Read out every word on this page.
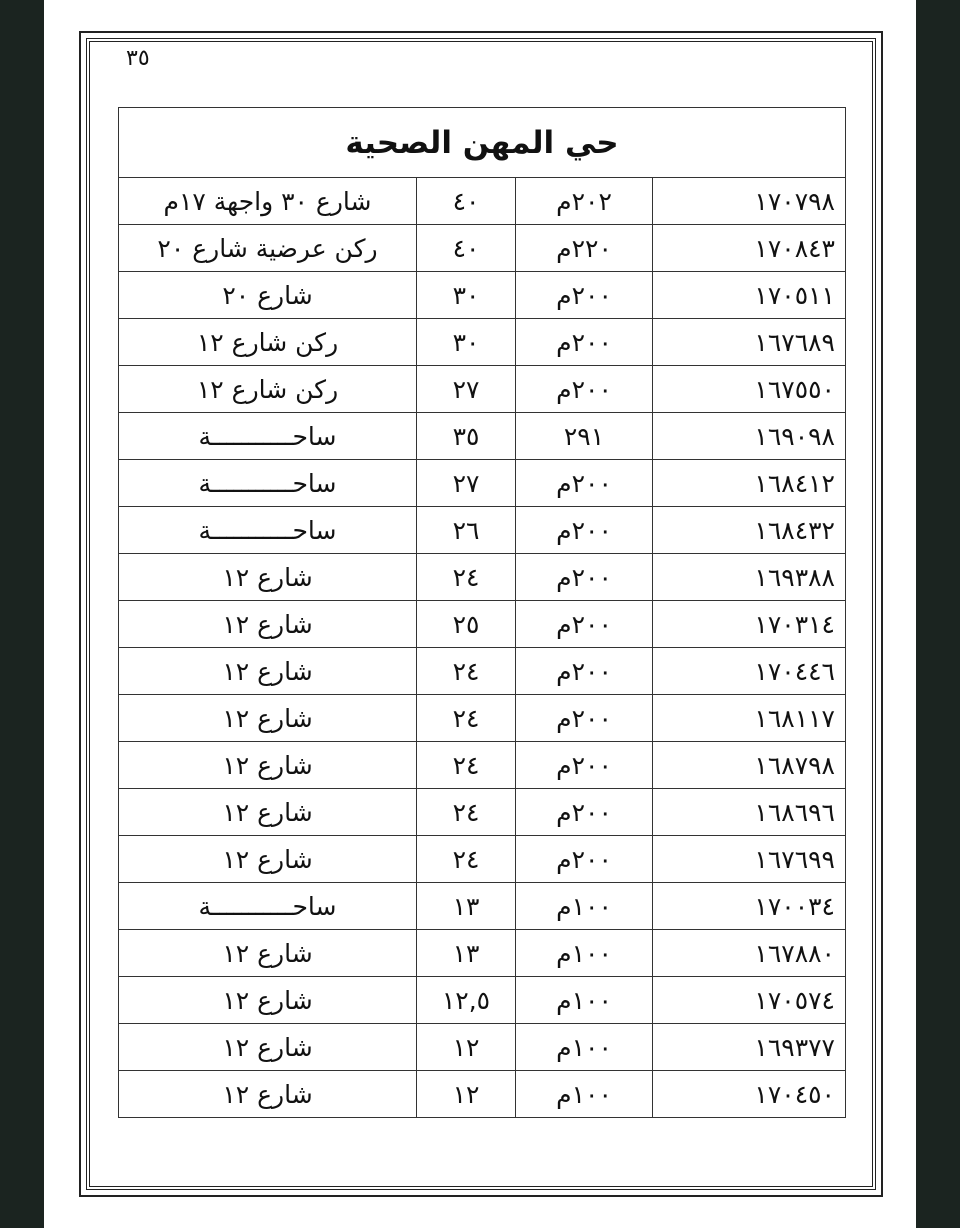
٣٥
حي المهن الصحية			
١٧٠٧٩٨	٢٠٢م	٤٠	شارع ٣٠ واجهة ١٧م
١٧٠٨٤٣	٢٢٠م	٤٠	ركن عرضية شارع ٢٠
١٧٠٥١١	٢٠٠م	٣٠	شارع ٢٠
١٦٧٦٨٩	٢٠٠م	٣٠	ركن شارع ١٢
١٦٧٥٥٠	٢٠٠م	٢٧	ركن شارع ١٢
١٦٩٠٩٨	٢٩١	٣٥	ساحـــــــــــة
١٦٨٤١٢	٢٠٠م	٢٧	ساحـــــــــــة
١٦٨٤٣٢	٢٠٠م	٢٦	ساحـــــــــــة
١٦٩٣٨٨	٢٠٠م	٢٤	شارع ١٢
١٧٠٣١٤	٢٠٠م	٢٥	شارع ١٢
١٧٠٤٤٦	٢٠٠م	٢٤	شارع ١٢
١٦٨١١٧	٢٠٠م	٢٤	شارع ١٢
١٦٨٧٩٨	٢٠٠م	٢٤	شارع ١٢
١٦٨٦٩٦	٢٠٠م	٢٤	شارع ١٢
١٦٧٦٩٩	٢٠٠م	٢٤	شارع ١٢
١٧٠٠٣٤	١٠٠م	١٣	ساحـــــــــــة
١٦٧٨٨٠	١٠٠م	١٣	شارع ١٢
١٧٠٥٧٤	١٠٠م	١٢,٥	شارع ١٢
١٦٩٣٧٧	١٠٠م	١٢	شارع ١٢
١٧٠٤٥٠	١٠٠م	١٢	شارع ١٢
